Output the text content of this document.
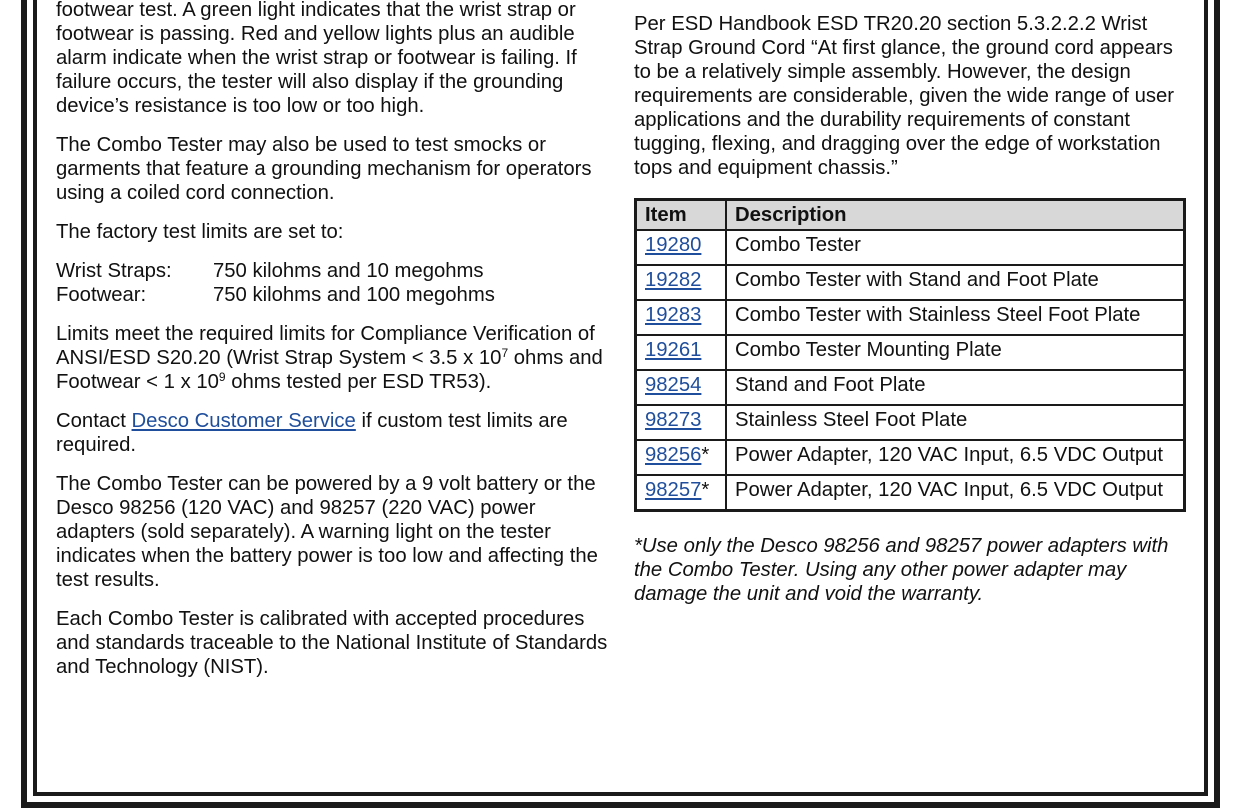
footwear test. A green light indicates that the wrist strap or footwear is passing. Red and yellow lights plus an audible alarm indicate when the wrist strap or footwear is failing. If failure occurs, the tester will also display if the grounding device’s resistance is too low or too high.

The Combo Tester may also be used to test smocks or garments that feature a grounding mechanism for operators using a coiled cord connection.

The factory test limits are set to:

Wrist Straps:	750 kilohms and 10 megohms
Footwear:	750 kilohms and 100 megohms

Limits meet the required limits for Compliance Verification of ANSI/ESD S20.20 (Wrist Strap System < 3.5 x $10^7$ ohms and Footwear < 1 x $10^9$ ohms tested per ESD TR53).

Contact Desco Customer Service if custom test limits are required.

The Combo Tester can be powered by a 9 volt battery or the Desco 98256 (120 VAC) and 98257 (220 VAC) power adapters (sold separately). A warning light on the tester indicates when the battery power is too low and affecting the test results.

Each Combo Tester is calibrated with accepted procedures and standards traceable to the National Institute of Standards and Technology (NIST).

Per ESD Handbook ESD TR20.20 section 5.3.2.2.2 Wrist Strap Ground Cord “At first glance, the ground cord appears to be a relatively simple assembly. However, the design requirements are considerable, given the wide range of user applications and the durability requirements of constant tugging, flexing, and dragging over the edge of workstation tops and equipment chassis.”

Item	Description
19280	Combo Tester
19282	Combo Tester with Stand and Foot Plate
19283	Combo Tester with Stainless Steel Foot Plate
19261	Combo Tester Mounting Plate
98254	Stand and Foot Plate
98273	Stainless Steel Foot Plate
98256*	Power Adapter, 120 VAC Input, 6.5 VDC Output
98257*	Power Adapter, 120 VAC Input, 6.5 VDC Output

*Use only the Desco 98256 and 98257 power adapters with the Combo Tester. Using any other power adapter may damage the unit and void the warranty.
